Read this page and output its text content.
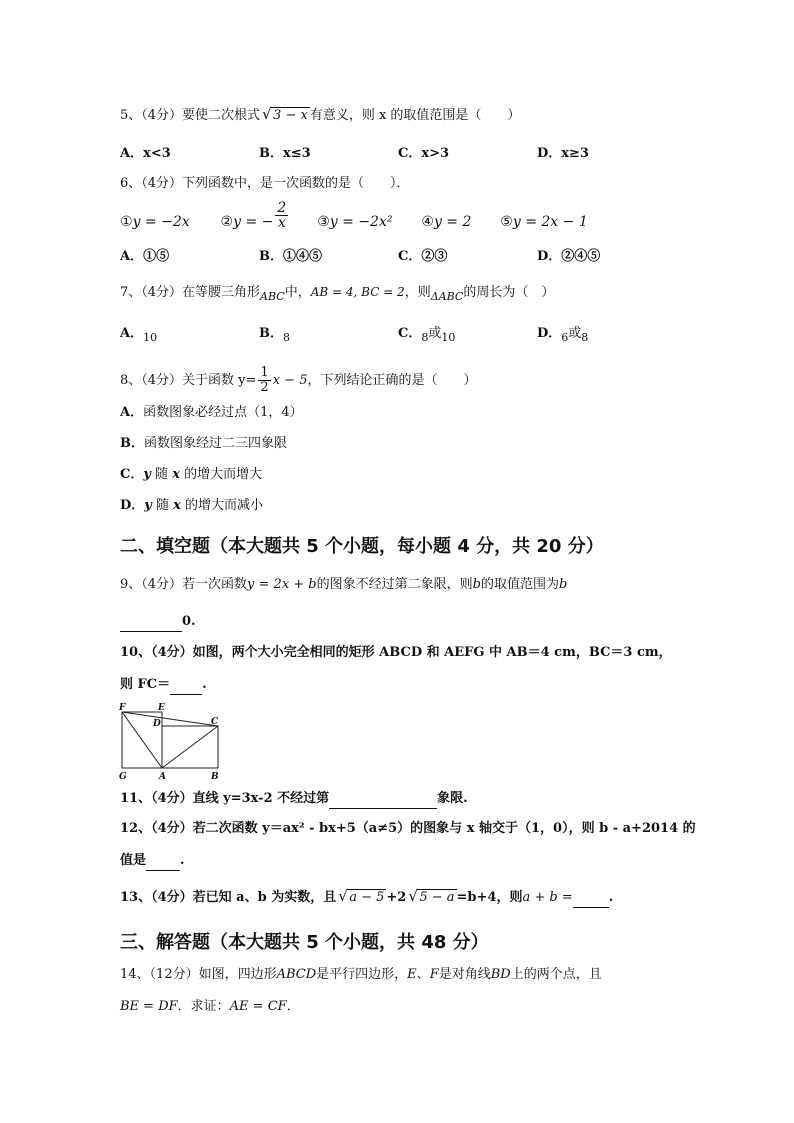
5、（4分）要使二次根式 √ 3 − x 有意义，则 x 的取值范围是（　　）
A．x<3	B．x≤3	C．x>3	D．x≥3
6、（4分）下列函数中，是一次函数的是（　　）．
①y = −2x ②y = − $\frac{2}{x}$ ③y = −2x² ④y = 2 ⑤y = 2x − 1
A．①⑤	B．①④⑤	C．②③	D．②④⑤
7、（4分）在等腰三角形$_{ABC}$中，AB = 4, BC = 2，则$_{\Delta ABC}$的周长为（　）
A．$_{10}$	B．$_8$	C．$_8$或$_{10}$	D．$_6$或$_8$
8、（4分）关于函数 $y= \frac{1}{2}$ x − 5，下列结论正确的是（　　）
A．函数图象必经过点（1，4）
B．函数图象经过二三四象限
C．y 随 x 的增大而增大
D．y 随 x 的增大而减小
二、填空题（本大题共 5 个小题，每小题 4 分，共 20 分）
9、（4分）若一次函数y = 2x + b的图象不经过第二象限，则b的取值范围为b
0.
10、（4分）如图，两个大小完全相同的矩形 ABCD 和 AEFG 中 AB＝4 cm，BC＝3 cm，
则 FC＝ .
F	E
D	C
G	A	B
11、（4分）直线 y=3x-2 不经过第	象限.
12、（4分）若二次函数 y＝ax² - bx+5（a≠5）的图象与 x 轴交于（1，0），则 b - a+2014 的
值是	.
13、（4分）若已知 a、b 为实数，且 √ a − 5 +2 √ 5 − a =b+4，则a + b =	.
三、解答题（本大题共 5 个小题，共 48 分）
14、（12分）如图，四边形ABCD是平行四边形，E、F是对角线BD上的两个点，且
BE = DF．求证：AE = CF．
